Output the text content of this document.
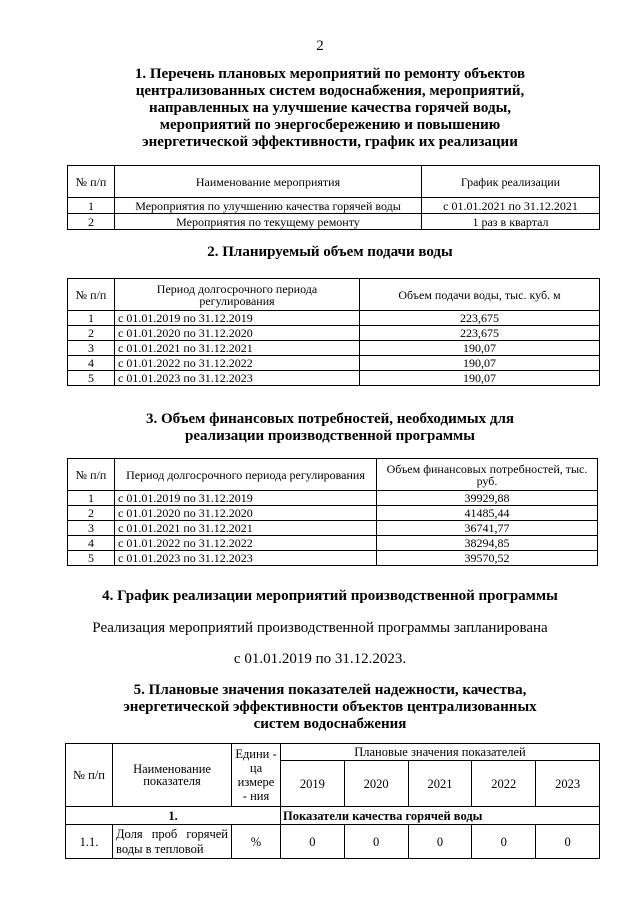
2
1. Перечень плановых мероприятий по ремонту объектов
централизованных систем водоснабжения, мероприятий,
направленных на улучшение качества горячей воды,
мероприятий по энергосбережению и повышению
энергетической эффективности, график их реализации
№ п/п	Наименование мероприятия	График реализации
1	Мероприятия по улучшению качества горячей воды	с 01.01.2021 по 31.12.2021
2	Мероприятия по текущему ремонту	1 раз в квартал
2. Планируемый объем подачи воды
№ п/п	Период долгосрочного периода регулирования	Объем подачи воды, тыс. куб. м
1	с 01.01.2019 по 31.12.2019	223,675
2	с 01.01.2020 по 31.12.2020	223,675
3	с 01.01.2021 по 31.12.2021	190,07
4	с 01.01.2022 по 31.12.2022	190,07
5	с 01.01.2023 по 31.12.2023	190,07
3. Объем финансовых потребностей, необходимых для
реализации производственной программы
№ п/п	Период долгосрочного периода регулирования	Объем финансовых потребностей, тыс. руб.
1	с 01.01.2019 по 31.12.2019	39929,88
2	с 01.01.2020 по 31.12.2020	41485,44
3	с 01.01.2021 по 31.12.2021	36741,77
4	с 01.01.2022 по 31.12.2022	38294,85
5	с 01.01.2023 по 31.12.2023	39570,52
4. График реализации мероприятий производственной программы
Реализация мероприятий производственной программы запланирована
с 01.01.2019 по 31.12.2023.
5. Плановые значения показателей надежности, качества,
энергетической эффективности объектов централизованных
систем водоснабжения
№ п/п	Наименование показателя	Едини - ца измере - ния	Плановые значения показателей				
			2019	2020	2021	2022	2023
1.			Показатели качества горячей воды				
1.1.	Доля проб горячей воды в тепловой	%	0	0	0	0	0
